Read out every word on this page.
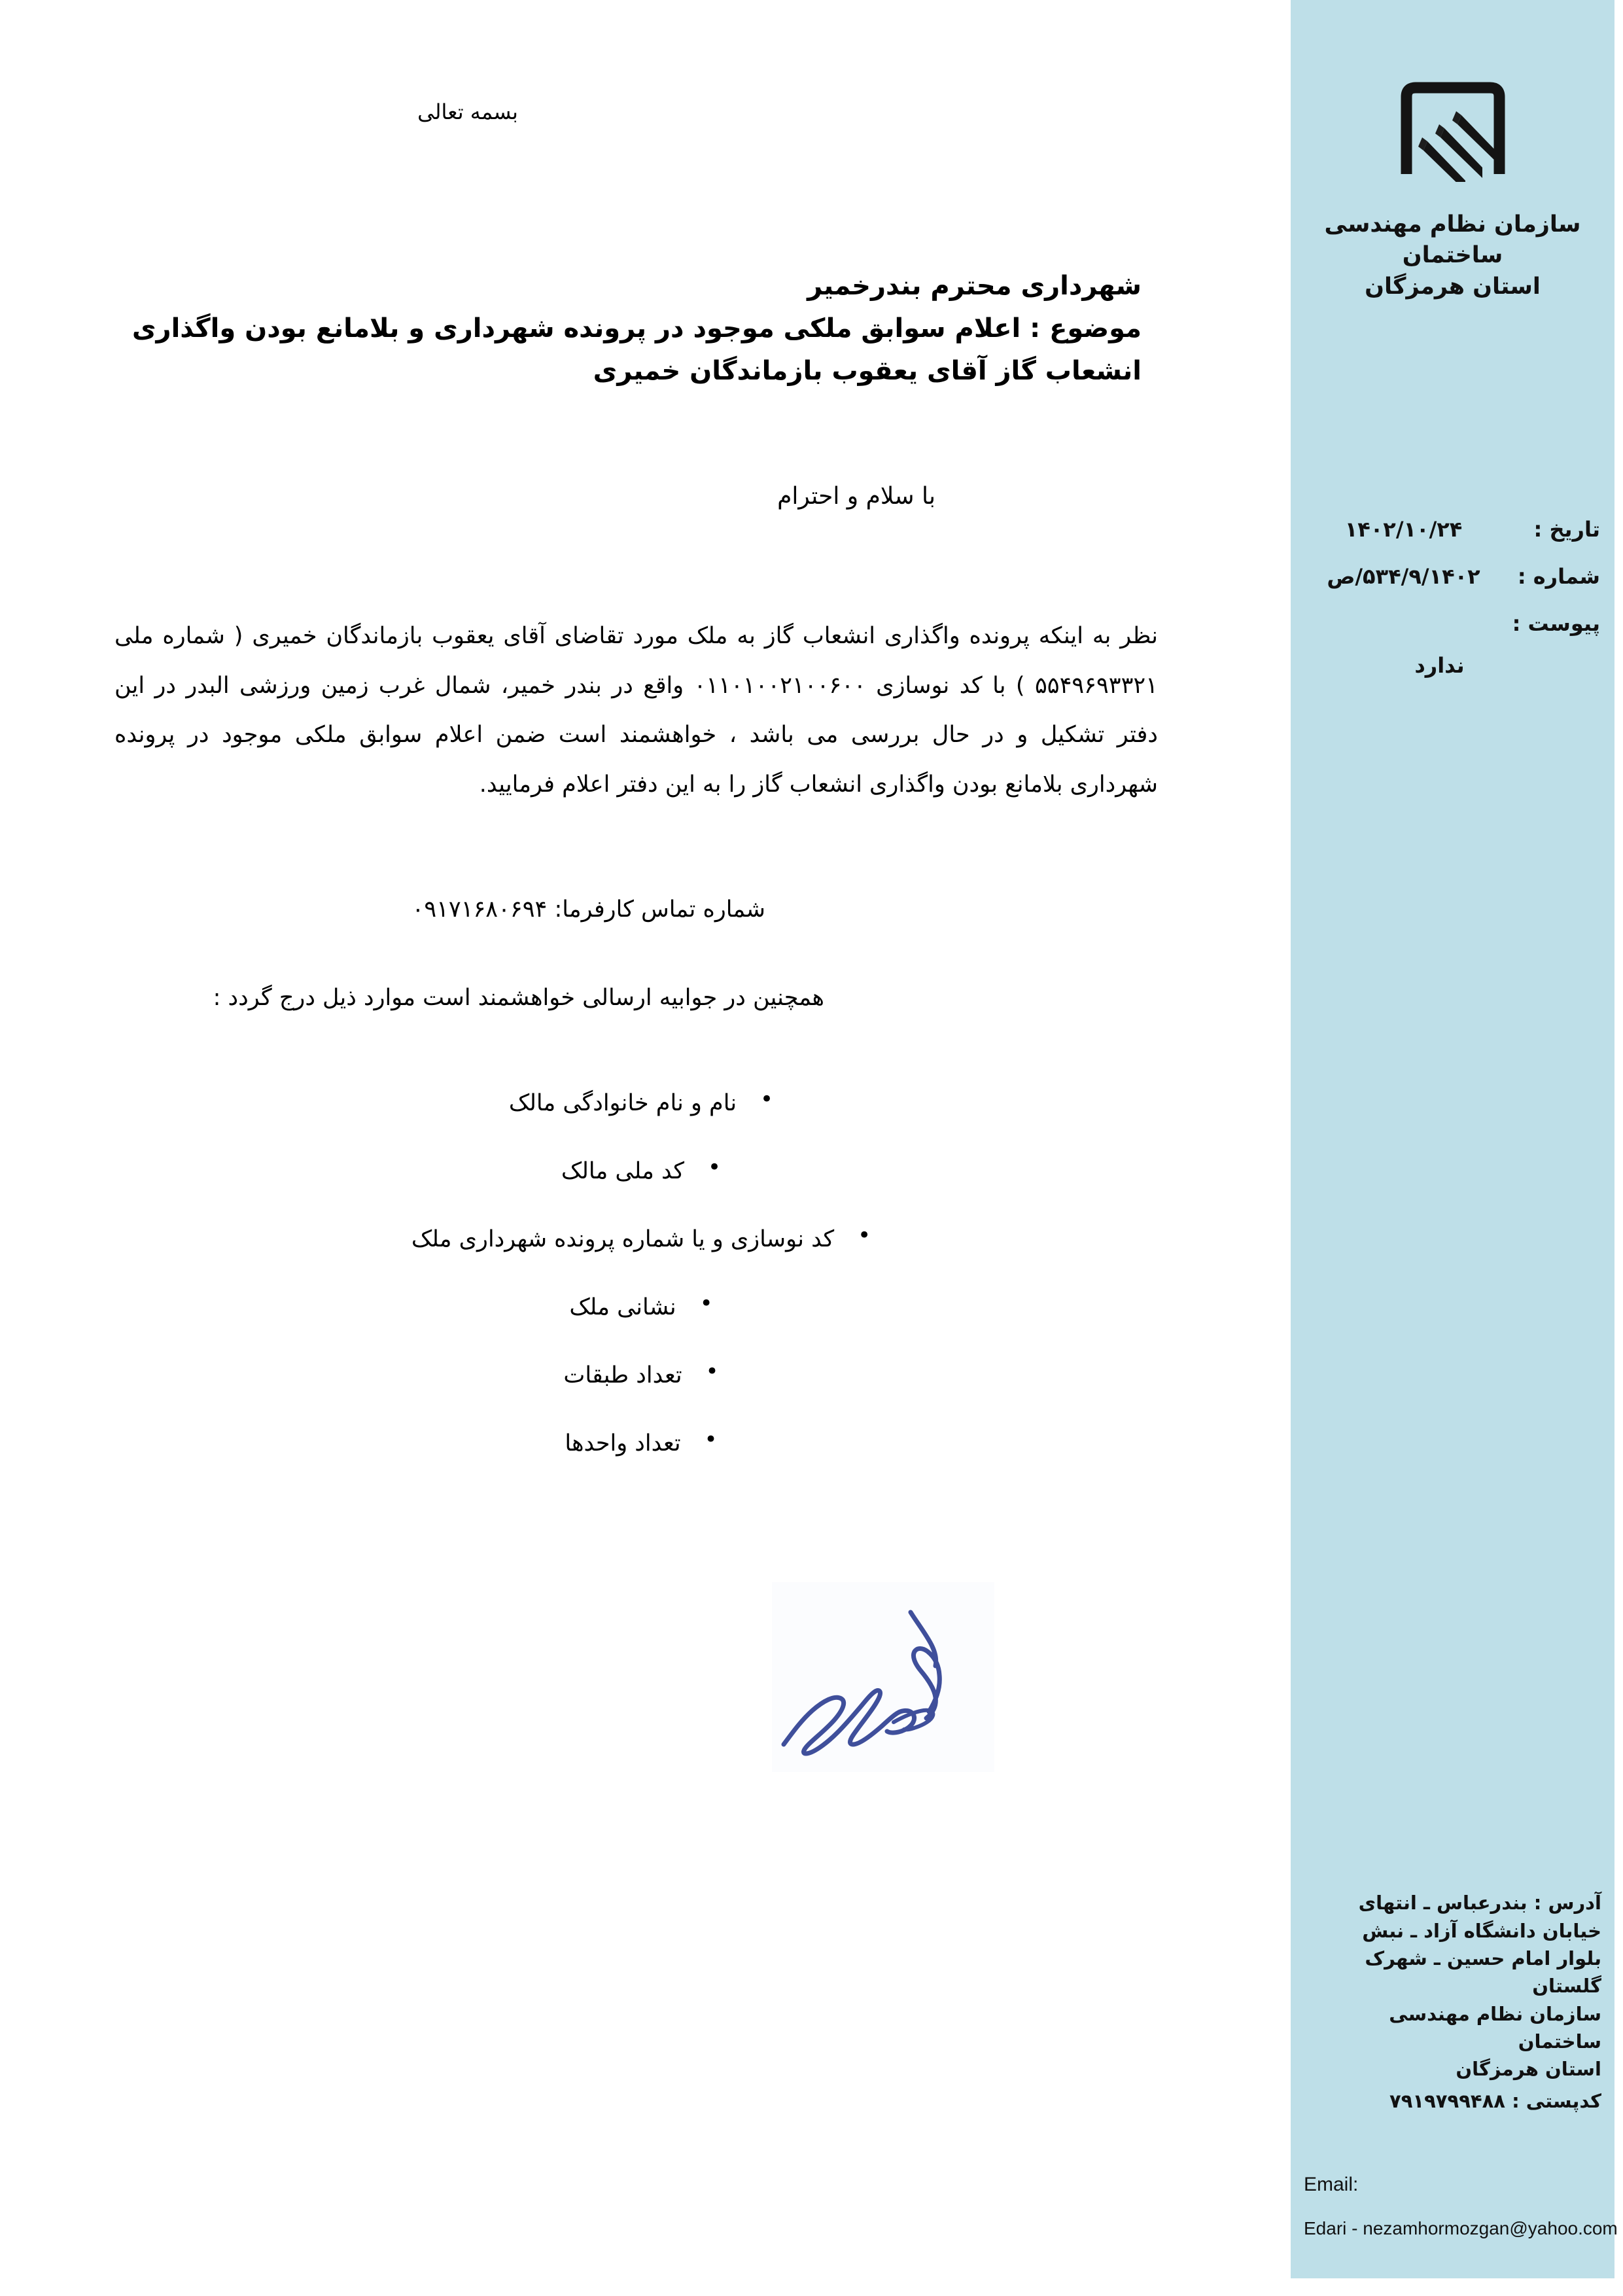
بسمه تعالی
شهرداری محترم بندرخمیر
موضوع : اعلام سوابق ملکی موجود در پرونده شهرداری و بلامانع بودن واگذاری انشعاب گاز آقای یعقوب بازماندگان خمیری
با سلام و احترام
نظر به اینکه پرونده واگذاری انشعاب گاز به ملک مورد تقاضای آقای یعقوب بازماندگان خمیری ( شماره ملی ۵۵۴۹۶۹۳۳۲۱ ) با کد نوسازی ۰۱۱۰۱۰۰۲۱۰۰۶۰۰ واقع در بندر خمیر، شمال غرب زمین ورزشی البدر در این دفتر تشکیل و در حال بررسی می باشد ، خواهشمند است ضمن اعلام سوابق ملکی موجود در پرونده شهرداری بلامانع بودن واگذاری انشعاب گاز را به این دفتر اعلام فرمایید.
شماره تماس کارفرما: ۰۹۱۷۱۶۸۰۶۹۴
همچنین در جوابیه ارسالی خواهشمند است موارد ذیل درج گردد :
• نام و نام خانوادگی مالک
• کد ملی مالک
• کد نوسازی و یا شماره پرونده شهرداری ملک
• نشانی ملک
• تعداد طبقات
• تعداد واحدها
سازمان نظام مهندسی ساختمان
استان هرمزگان
تاریخ :
۱۴۰۲/۱۰/۲۴
شماره :
۵۳۴/۹/۱۴۰۲/ص
پیوست :
ندارد
آدرس : بندرعباس ـ انتهای
خیابان دانشگاه آزاد ـ نبش
بلوار امام حسین ـ شهرک
گلستان
سازمان نظام مهندسی ساختمان
استان هرمزگان
کدپستی : ۷۹۱۹۷۹۹۴۸۸
Email:
Edari - nezamhormozgan@yahoo.com
